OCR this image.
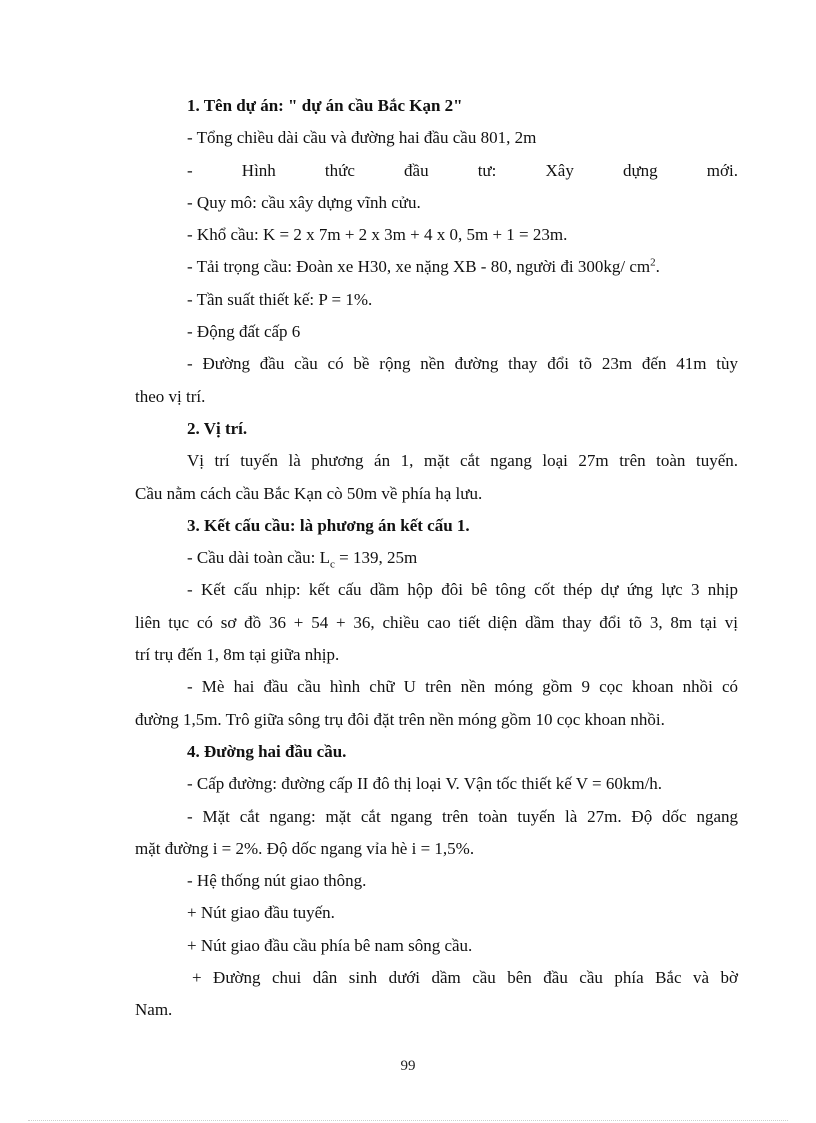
1. Tên dự án: " dự án cầu Bắc Kạn 2"
- Tổng chiều dài cầu và đường hai đầu cầu 801, 2m
-	Hình	thức	đầu	tư:	Xây	dựng	mới.
- Quy mô: cầu xây dựng vĩnh cửu.
- Khổ cầu: K = 2 x 7m + 2 x 3m + 4 x 0, 5m + 1 = 23m.
- Tải trọng cầu: Đoàn xe H30, xe nặng XB - 80, người đi 300kg/ $cm^2$.
- Tần suất thiết kế: P = 1%.
- Động đất cấp 6
- Đường đầu cầu có bề rộng nền đường thay đổi tõ 23m đến 41m tùy
theo vị trí.
2. Vị trí.
Vị trí tuyến là phương án 1, mặt cắt ngang loại 27m trên toàn tuyến.
Cầu nằm cách cầu Bắc Kạn cò 50m về phía hạ lưu.
3. Kết cấu cầu: là phương án kết cấu 1.
- Cầu dài toàn cầu: $L_c = 139$, 25m
- Kết cấu nhịp: kết cấu dầm hộp đôi bê tông cốt thép dự ứng lực 3 nhịp
liên tục có sơ đồ 36 + 54 + 36, chiều cao tiết diện dầm thay đổi tõ 3, 8m tại vị
trí trụ đến 1, 8m tại giữa nhịp.
- Mè hai đầu cầu hình chữ U trên nền móng gồm 9 cọc khoan nhồi có
đường 1,5m. Trô giữa sông trụ đôi đặt trên nền móng gồm 10 cọc khoan nhồi.
4. Đường hai đầu cầu.
- Cấp đường: đường cấp II đô thị loại V. Vận tốc thiết kế V = 60km/h.
- Mặt cắt ngang: mặt cắt ngang trên toàn tuyến là 27m. Độ dốc ngang
mặt đường i = 2%. Độ dốc ngang vỉa hè i = 1,5%.
- Hệ thống nút giao thông.
+ Nút giao đầu tuyến.
+ Nút giao đầu cầu phía bê nam sông cầu.
+ Đường chui dân sinh dưới dầm cầu bên đầu cầu phía Bắc và bờ
Nam.
99
